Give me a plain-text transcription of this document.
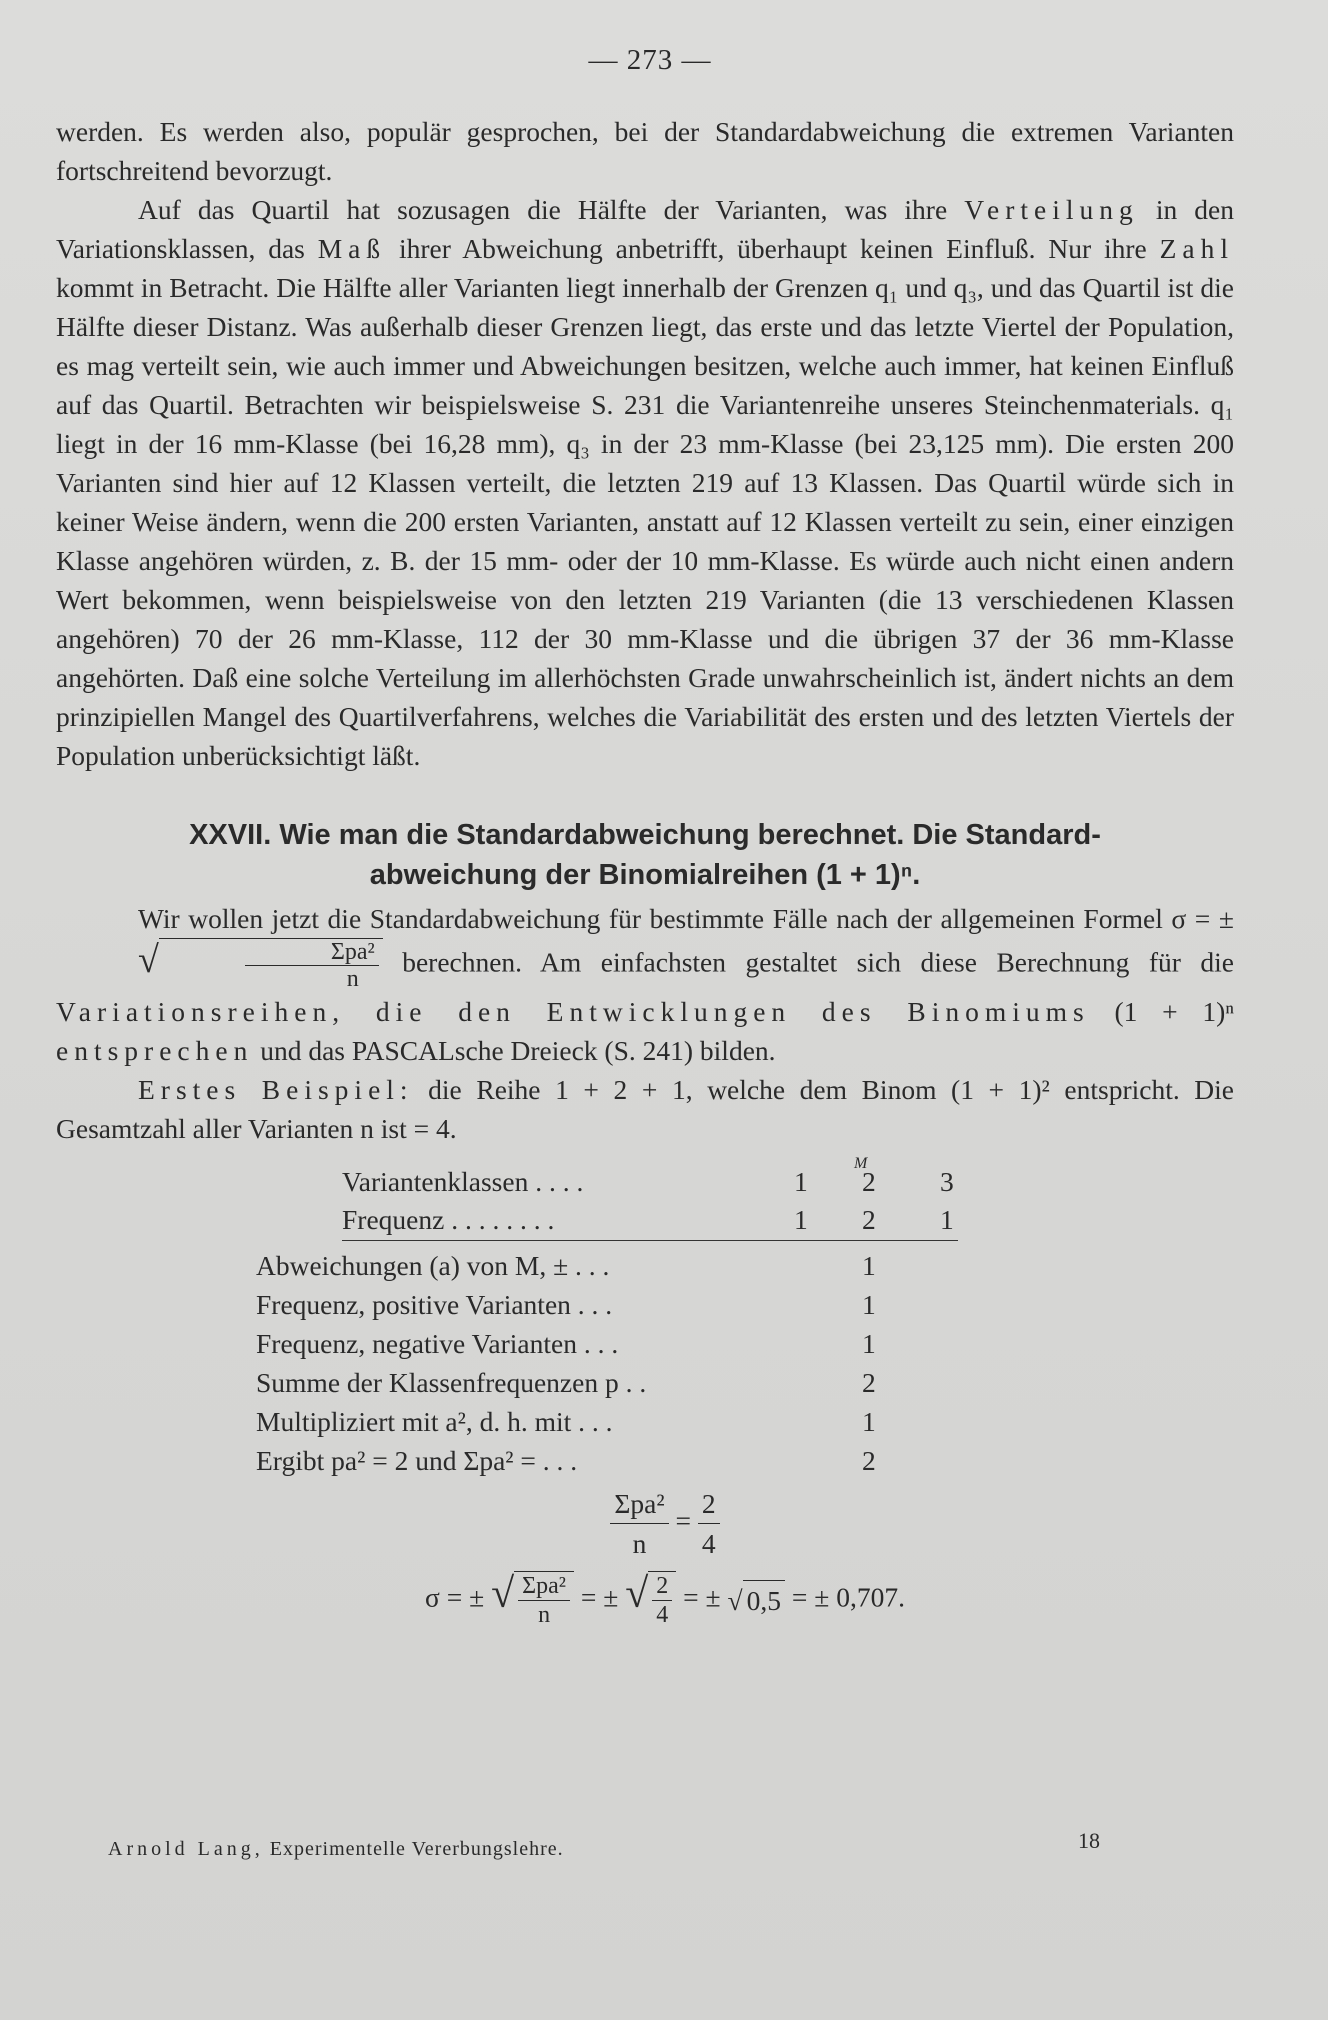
— 273 —

werden. Es werden also, populär gesprochen, bei der Standardabweichung die extremen Varianten fortschreitend bevorzugt.

Auf das Quartil hat sozusagen die Hälfte der Varianten, was ihre Verteilung in den Variationsklassen, das Maß ihrer Abweichung anbetrifft, überhaupt keinen Einfluß. Nur ihre Zahl kommt in Betracht. Die Hälfte aller Varianten liegt innerhalb der Grenzen q₁ und q₃, und das Quartil ist die Hälfte dieser Distanz. Was außerhalb dieser Grenzen liegt, das erste und das letzte Viertel der Population, es mag verteilt sein, wie auch immer und Abweichungen besitzen, welche auch immer, hat keinen Einfluß auf das Quartil. Betrachten wir beispielsweise S. 231 die Variantenreihe unseres Steinchenmaterials. q₁ liegt in der 16 mm-Klasse (bei 16,28 mm), q₃ in der 23 mm-Klasse (bei 23,125 mm). Die ersten 200 Varianten sind hier auf 12 Klassen verteilt, die letzten 219 auf 13 Klassen. Das Quartil würde sich in keiner Weise ändern, wenn die 200 ersten Varianten, anstatt auf 12 Klassen verteilt zu sein, einer einzigen Klasse angehören würden, z. B. der 15 mm- oder der 10 mm-Klasse. Es würde auch nicht einen andern Wert bekommen, wenn beispielsweise von den letzten 219 Varianten (die 13 verschiedenen Klassen angehören) 70 der 26 mm-Klasse, 112 der 30 mm-Klasse und die übrigen 37 der 36 mm-Klasse angehörten. Daß eine solche Verteilung im allerhöchsten Grade unwahrscheinlich ist, ändert nichts an dem prinzipiellen Mangel des Quartilverfahrens, welches die Variabilität des ersten und des letzten Viertels der Population unberücksichtigt läßt.

XXVII. Wie man die Standardabweichung berechnet. Die Standard-
abweichung der Binomialreihen (1 + 1)ⁿ.

Wir wollen jetzt die Standardabweichung für bestimmte Fälle nach der allgemeinen Formel σ = ± √	$\frac{\text{Σpa²}}{n}$ berechnen. Am einfachsten gestaltet sich diese Berechnung für die Variationsreihen, die den Entwicklungen des Binomiums (1 + 1)ⁿ entsprechen und das PASCALsche Dreieck (S. 241) bilden.

Erstes Beispiel: die Reihe 1 + 2 + 1, welche dem Binom (1 + 1)² entspricht. Die Gesamtzahl aller Varianten n ist = 4.

M
Variantenklassen . . . .	1 2 3
Frequenz . . . . . . . .	1 2 1
Abweichungen (a) von M, ± . . .	1
Frequenz, positive Varianten . . .	1
Frequenz, negative Varianten . . .	1
Summe der Klassenfrequenzen p . .	2
Multipliziert mit a², d. h. mit . . .	1
Ergibt pa² = 2 und Σpa² = . . .	2
$\frac{\text{Σpa²}}{n} = \frac{2}{4}$
σ = ± √ $\frac{\text{Σpa²}}{n}$ = ± √ $\frac{2}{4}$ = ± √ 0,5 = ± 0,707.
Arnold Lang, Experimentelle Vererbungslehre.	18
